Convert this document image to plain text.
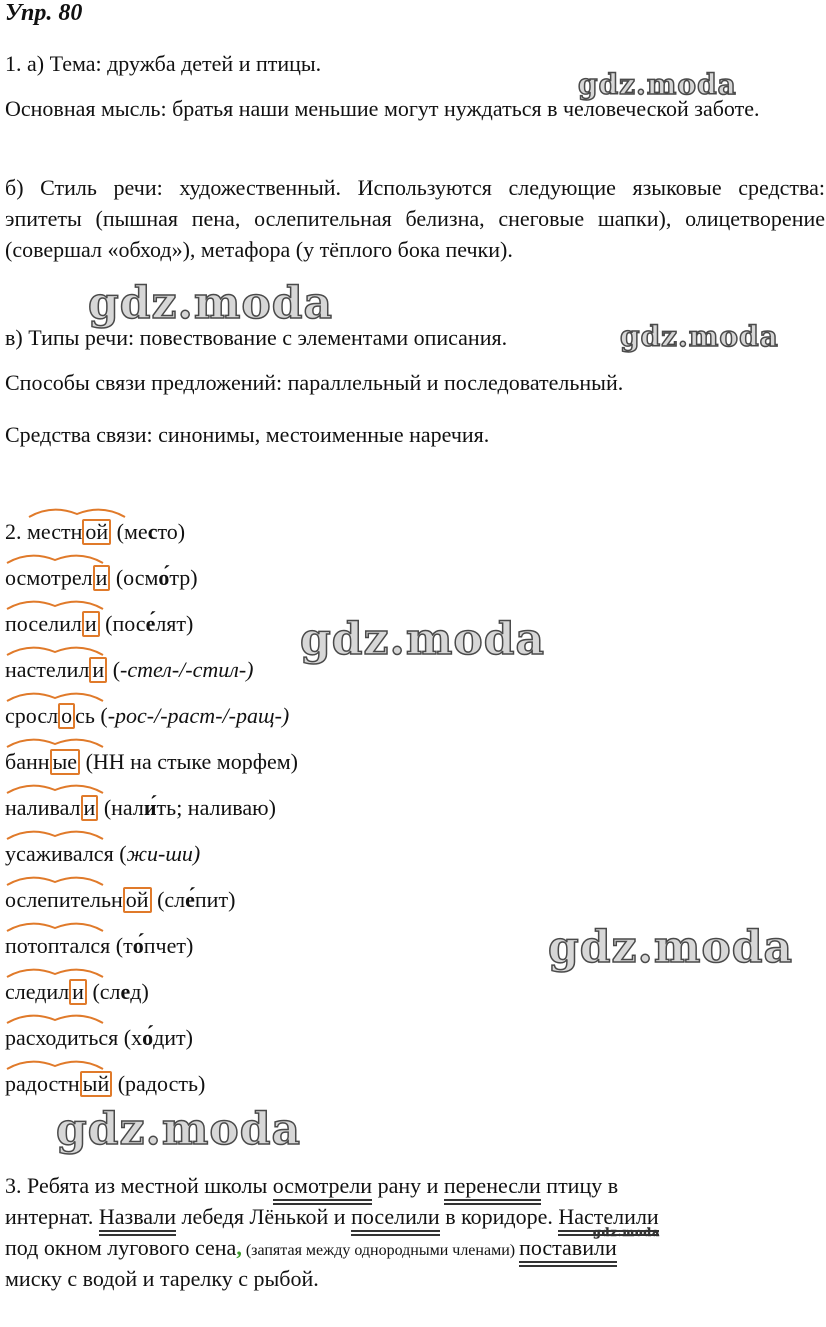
Упр. 80

1. а) Тема: дружба детей и птицы.

Основная мысль: братья наши меньшие могут нуждаться в человеческой заботе.

б) Стиль речи: художественный. Используются следующие языковые средства: эпитеты (пышная пена, ослепительная белизна, снеговые шапки), олицетворение (совершал «обход»), метафора (у тёплого бока печки).

в) Типы речи: повествование с элементами описания.

Способы связи предложений: параллельный и последовательный.

Средства связи: синонимы, местоименные наречия.

2. местн ой (место)
осмотрел и (осмо́тр)
поселил и (посе́лят)
настелил и (-стел-/-стил-)
сросл о сь (-рос-/-раст-/-ращ-)
банн ые (НН на стыке морфем)
наливал и (нали́ть; наливаю)
усаживался (жи-ши)
ослепительн ой (сле́пит)
потоптался (то́пчет)
следил и (след)
расходиться (хо́дит)
радостн ый (радость)
3. Ребята из местной школы осмотрели рану и перенесли птицу в
интернат. Назвали лебедя Лёнькой и поселили в коридоре. Настелили
под окном лугового сена, (запятая между однородными членами) поставили
миску с водой и тарелку с рыбой.
gdz.moda
gdz.moda
gdz.moda
gdz.moda
gdz.moda
gdz.moda
gdz.moda
